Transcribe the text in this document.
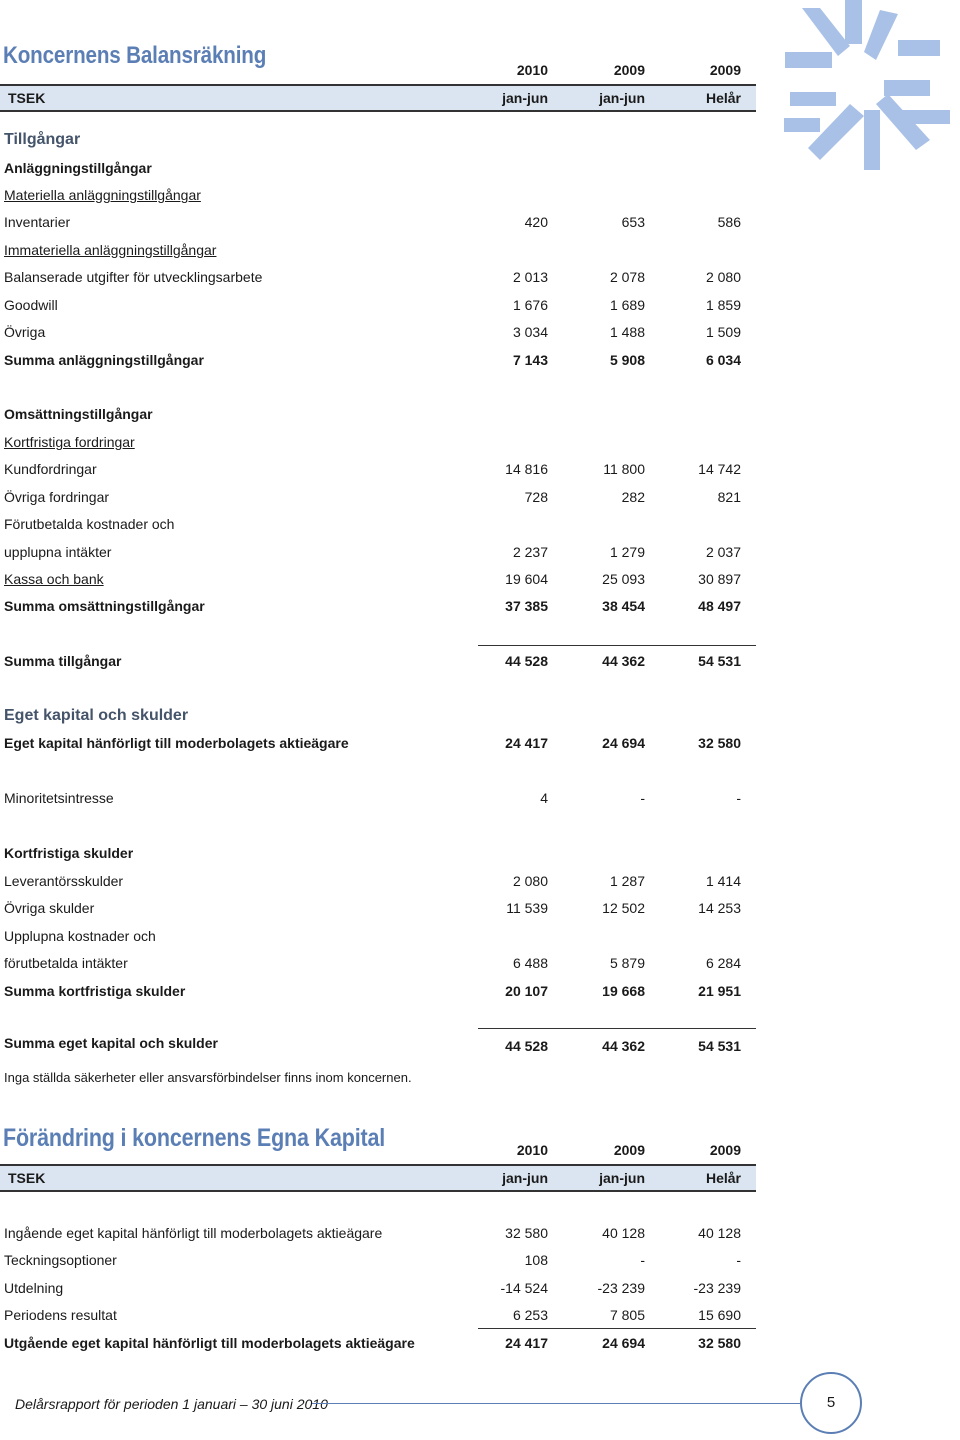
Koncernens Balansräkning
2010	2009	2009
TSEK	jan-jun	jan-jun	Helår
Tillgångar
Anläggningstillgångar
Materiella anläggningstillgångar
Inventarier	420	653	586
Immateriella anläggningstillgångar
Balanserade utgifter för utvecklingsarbete	2 013	2 078	2 080
Goodwill	1 676	1 689	1 859
Övriga	3 034	1 488	1 509
Summa anläggningstillgångar	7 143	5 908	6 034
Omsättningstillgångar
Kortfristiga fordringar
Kundfordringar	14 816	11 800	14 742
Övriga fordringar	728	282	821
Förutbetalda kostnader och
upplupna intäkter	2 237	1 279	2 037
Kassa och bank	19 604	25 093	30 897
Summa omsättningstillgångar	37 385	38 454	48 497
Summa tillgångar	44 528	44 362	54 531
Eget kapital hänförligt till moderbolagets aktieägare	24 417	24 694	32 580
Minoritetsintresse	4	-	-
Kortfristiga skulder
Leverantörsskulder	2 080	1 287	1 414
Övriga skulder	11 539	12 502	14 253
Upplupna kostnader och
förutbetalda intäkter	6 488	5 879	6 284
Summa kortfristiga skulder	20 107	19 668	21 951
Summa eget kapital och skulder	44 528	44 362	54 531
Eget kapital och skulder
Inga ställda säkerheter eller ansvarsförbindelser finns inom koncernen.
Förändring i koncernens Egna Kapital	2010	2009	2009
TSEK	jan-jun	jan-jun	Helår
Ingående eget kapital hänförligt till moderbolagets aktieägare	32 580	40 128	40 128
Teckningsoptioner	108	-	-
Utdelning	-14 524	-23 239	-23 239
Periodens resultat	6 253	7 805	15 690
Utgående eget kapital hänförligt till moderbolagets aktieägare	24 417	24 694	32 580
Delårsrapport för perioden 1 januari – 30 juni 2010	5
